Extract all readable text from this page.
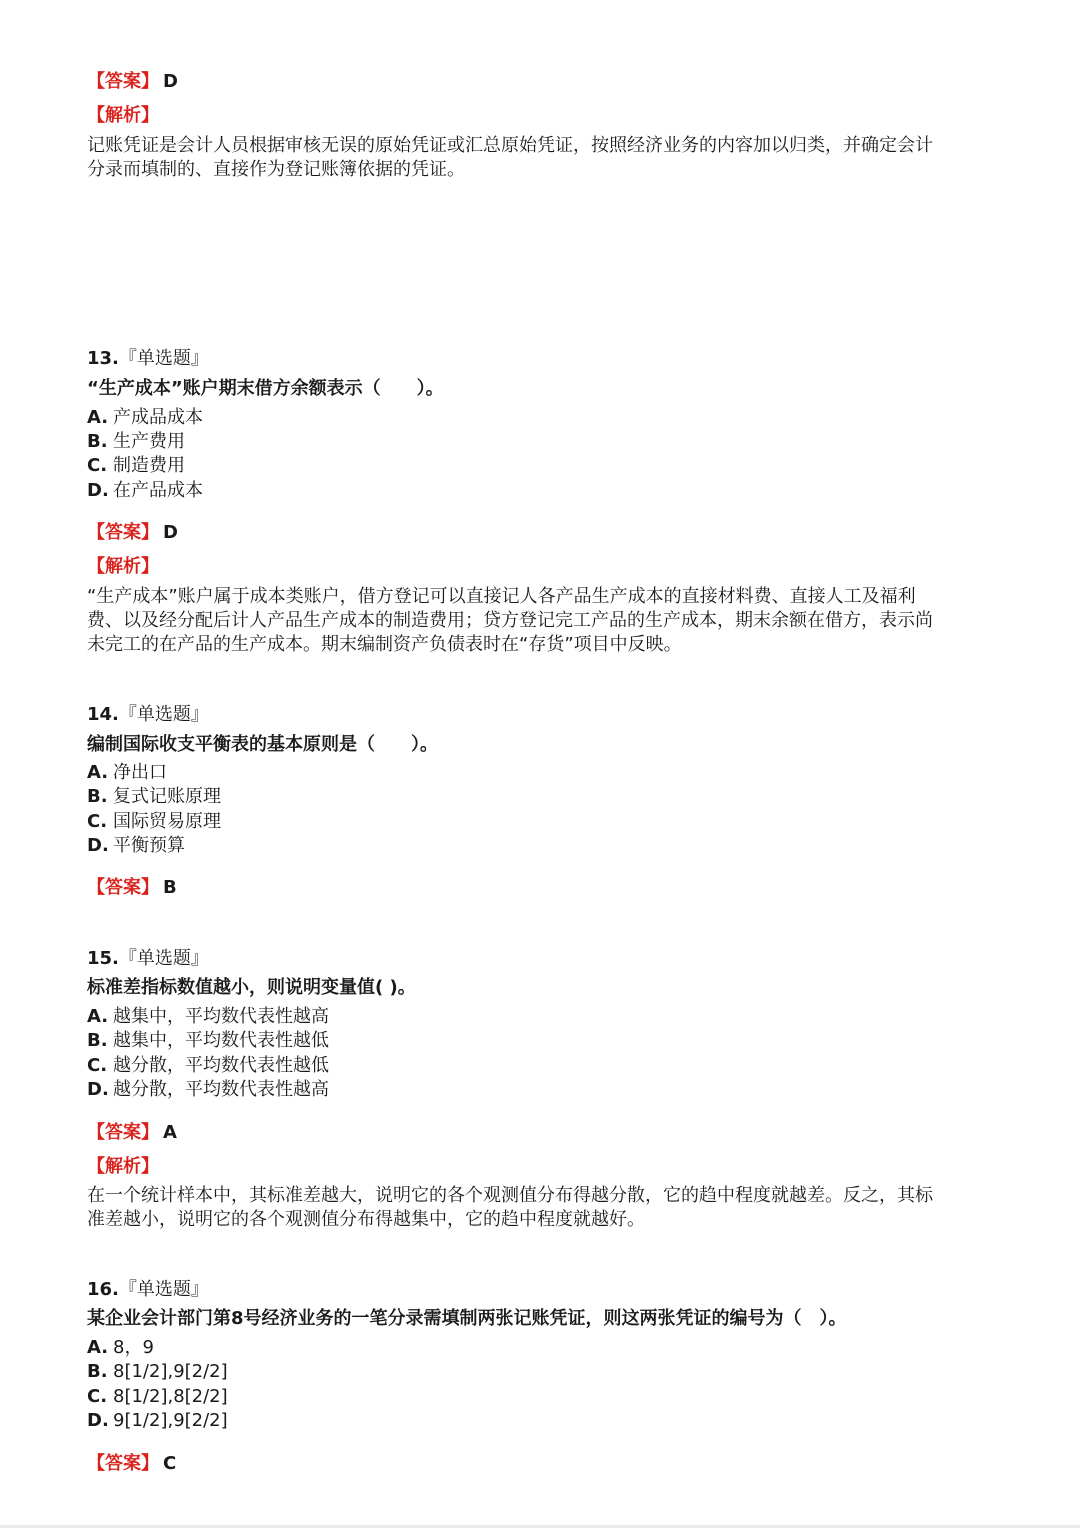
【答案】 D
【解析】
记账凭证是会计人员根据审核无误的原始凭证或汇总原始凭证，按照经济业务的内容加以归类，并确定会计
分录而填制的、直接作为登记账簿依据的凭证。
13.『单选题』
“生产成本”账户期末借方余额表示（　　）。
A. 产成品成本
B. 生产费用
C. 制造费用
D. 在产品成本
【答案】 D
【解析】
“生产成本”账户属于成本类账户，借方登记可以直接记人各产品生产成本的直接材料费、直接人工及福利
费、以及经分配后计人产品生产成本的制造费用；贷方登记完工产品的生产成本，期末余额在借方，表示尚
未完工的在产品的生产成本。期末编制资产负债表时在“存货”项目中反映。
14.『单选题』
编制国际收支平衡表的基本原则是（　　）。
A. 净出口
B. 复式记账原理
C. 国际贸易原理
D. 平衡预算
【答案】 B
15.『单选题』
标准差指标数值越小，则说明变量值( )。
A. 越集中，平均数代表性越高
B. 越集中，平均数代表性越低
C. 越分散，平均数代表性越低
D. 越分散，平均数代表性越高
【答案】 A
【解析】
在一个统计样本中，其标准差越大，说明它的各个观测值分布得越分散，它的趋中程度就越差。反之，其标
准差越小，说明它的各个观测值分布得越集中，它的趋中程度就越好。
16.『单选题』
某企业会计部门第8号经济业务的一笔分录需填制两张记账凭证，则这两张凭证的编号为（　）。
A. 8，9
B. 8[1/2],9[2/2]
C. 8[1/2],8[2/2]
D. 9[1/2],9[2/2]
【答案】 C
